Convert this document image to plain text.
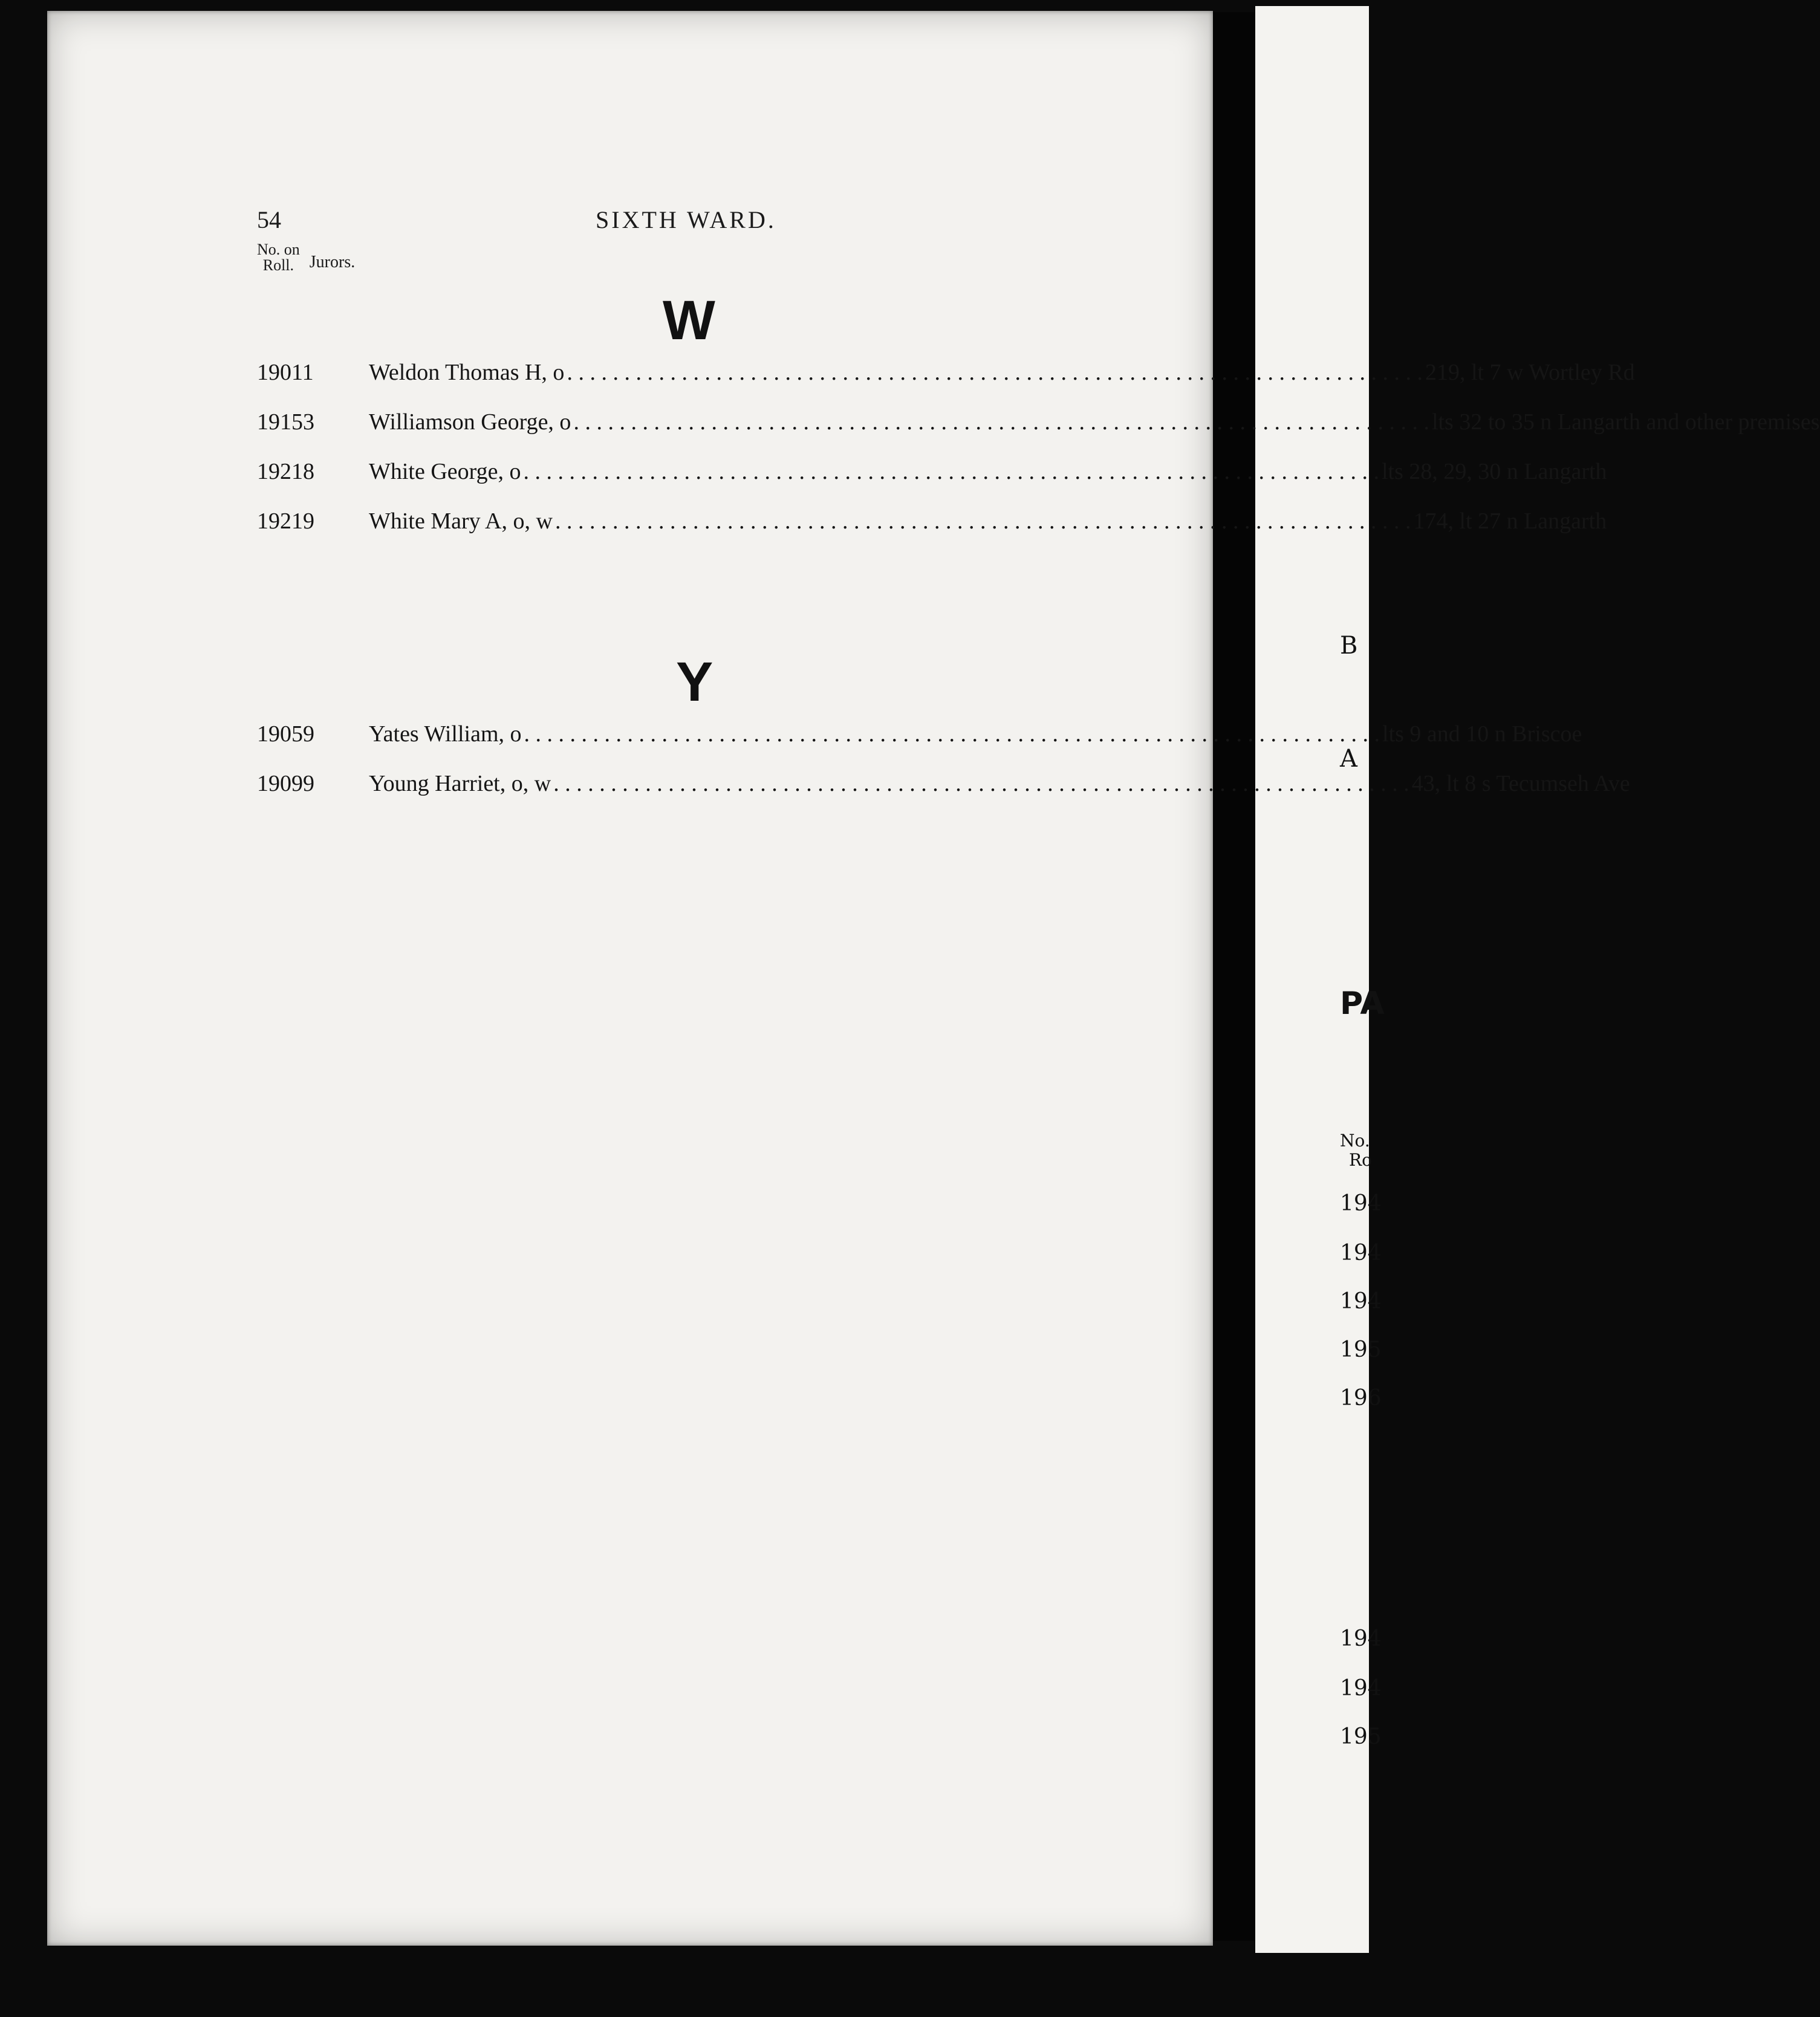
B
A
PA
No.
Ro
194
194
194
195
196
194
194
195
54	SIXTH WARD.
No. on
Roll. Jurors.
W
19011	Weldon Thomas H, o . . .	219, lt 7 w Wortley Rd
19153	Williamson George, o . . .	lts 32 to 35 n Langarth and other premises
19218	White George, o . . .	lts 28, 29, 30 n Langarth
19219	White Mary A, o, w . . .	174, lt 27 n Langarth
Y
19059	Yates William, o . . .	lts 9 and 10 n Briscoe
19099	Young Harriet, o, w . . .	43, lt 8 s Tecumseh Ave
